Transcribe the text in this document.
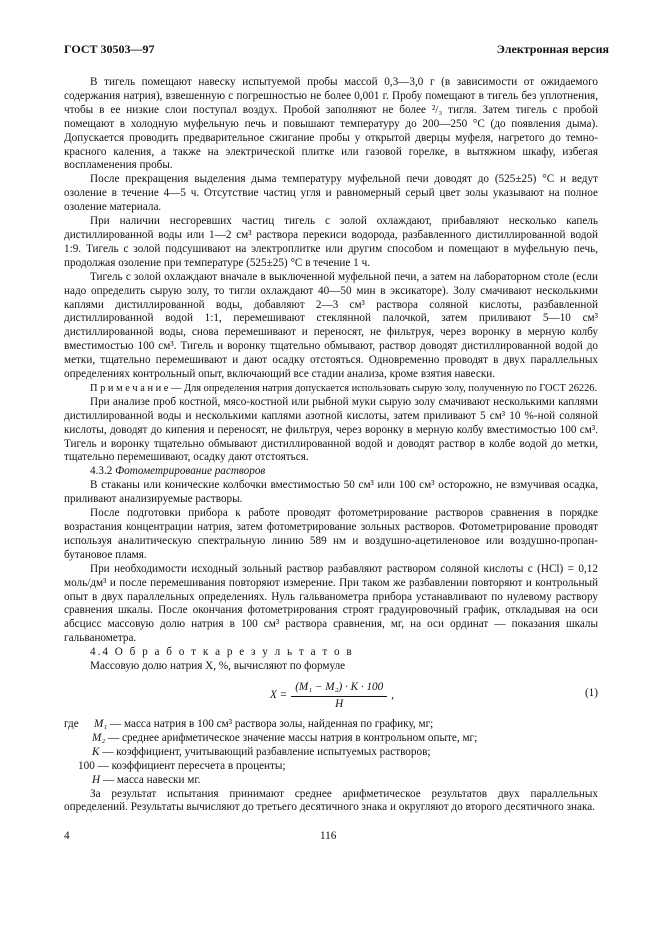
ГОСТ 30503—97	Электронная версия

В тигель помещают навеску испытуемой пробы массой 0,3—3,0 г (в зависимости от ожидаемого содержания натрия), взвешенную с погрешностью не более 0,001 г. Пробу помещают в тигель без уплотнения, чтобы в ее низкие слои поступал воздух. Пробой заполняют не более ²/₃ тигля. Затем тигель с пробой помещают в холодную муфельную печь и повышают температуру до 200—250 °С (до появления дыма). Допускается проводить предварительное сжигание пробы у открытой дверцы муфеля, нагретого до темно-красного каления, а также на электрической плитке или газовой горелке, в вытяжном шкафу, избегая воспламенения пробы.

После прекращения выделения дыма температуру муфельной печи доводят до (525±25) °С и ведут озоление в течение 4—5 ч. Отсутствие частиц угля и равномерный серый цвет золы указывают на полное озоление материала.

При наличии несгоревших частиц тигель с золой охлаждают, прибавляют несколько капель дистиллированной воды или 1—2 см³ раствора перекиси водорода, разбавленного дистиллированной водой 1:9. Тигель с золой подсушивают на электроплитке или другим способом и помещают в муфельную печь, продолжая озоление при температуре (525±25) °С в течение 1 ч.

Тигель с золой охлаждают вначале в выключенной муфельной печи, а затем на лабораторном столе (если надо определить сырую золу, то тигли охлаждают 40—50 мин в эксикаторе). Золу смачивают несколькими каплями дистиллированной воды, добавляют 2—3 см³ раствора соляной кислоты, разбавленной дистиллированной водой 1:1, перемешивают стеклянной палочкой, затем приливают 5—10 см³ дистиллированной воды, снова перемешивают и переносят, не фильтруя, через воронку в мерную колбу вместимостью 100 см³. Тигель и воронку тщательно обмывают, раствор доводят дистиллированной водой до метки, тщательно перемешивают и дают осадку отстояться. Одновременно проводят в двух параллельных определениях контрольный опыт, включающий все стадии анализа, кроме взятия навески.

П р и м е ч а н и е — Для определения натрия допускается использовать сырую золу, полученную по ГОСТ 26226.

При анализе проб костной, мясо-костной или рыбной муки сырую золу смачивают несколькими каплями дистиллированной воды и несколькими каплями азотной кислоты, затем приливают 5 см³ 10 %-ной соляной кислоты, доводят до кипения и переносят, не фильтруя, через воронку в мерную колбу вместимостью 100 см³. Тигель и воронку тщательно обмывают дистиллированной водой и доводят раствор в колбе водой до метки, тщательно перемешивают, осадку дают отстояться.

4.3.2 Фотометрирование растворов

В стаканы или конические колбочки вместимостью 50 см³ или 100 см³ осторожно, не взмучивая осадка, приливают анализируемые растворы.

После подготовки прибора к работе проводят фотометрирование растворов сравнения в порядке возрастания концентрации натрия, затем фотометрирование зольных растворов. Фотометрирование проводят используя аналитическую спектральную линию 589 нм и воздушно-ацетиленовое или воздушно-пропан-бутановое пламя.

При необходимости исходный зольный раствор разбавляют раствором соляной кислоты c (HCl) = 0,12 моль/дм³ и после перемешивания повторяют измерение. При таком же разбавлении повторяют и контрольный опыт в двух параллельных определениях. Нуль гальванометра прибора устанавливают по нулевому раствору сравнения шкалы. После окончания фотометрирования строят градуировочный график, откладывая на оси абсцисс массовую долю натрия в 100 см³ раствора сравнения, мг, на оси ординат — показания шкалы гальванометра.

4.4 О б р а б о т к а р е з у л ь т а т о в

Массовую долю натрия X, %, вычисляют по формуле

$X = \frac{\text{(M₁ − M₂) · K · 100}}{H}$ ,	(1)
где	M₁ — масса натрия в 100 см³ раствора золы, найденная по графику, мг;
M₂ — среднее арифметическое значение массы натрия в контрольном опыте, мг;
K — коэффициент, учитывающий разбавление испытуемых растворов;
100 — коэффициент пересчета в проценты;
H — масса навески мг.

За результат испытания принимают среднее арифметическое результатов двух параллельных определений. Результаты вычисляют до третьего десятичного знака и округляют до второго десятичного знака.

4	116
